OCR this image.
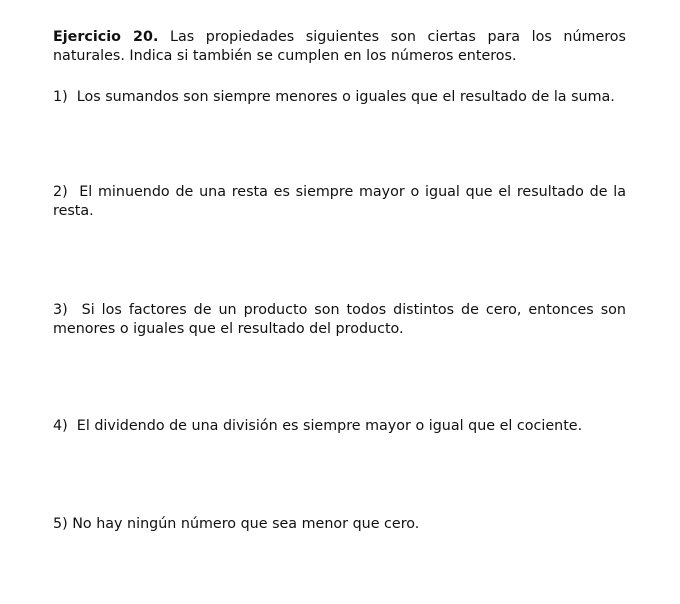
Ejercicio 20. Las propiedades siguientes son ciertas para los números naturales. Indica si también se cumplen en los números enteros.

1) Los sumandos son siempre menores o iguales que el resultado de la suma.

2) El minuendo de una resta es siempre mayor o igual que el resultado de la resta.

3) Si los factores de un producto son todos distintos de cero, entonces son menores o iguales que el resultado del producto.

4) El dividendo de una división es siempre mayor o igual que el cociente.

5) No hay ningún número que sea menor que cero.
